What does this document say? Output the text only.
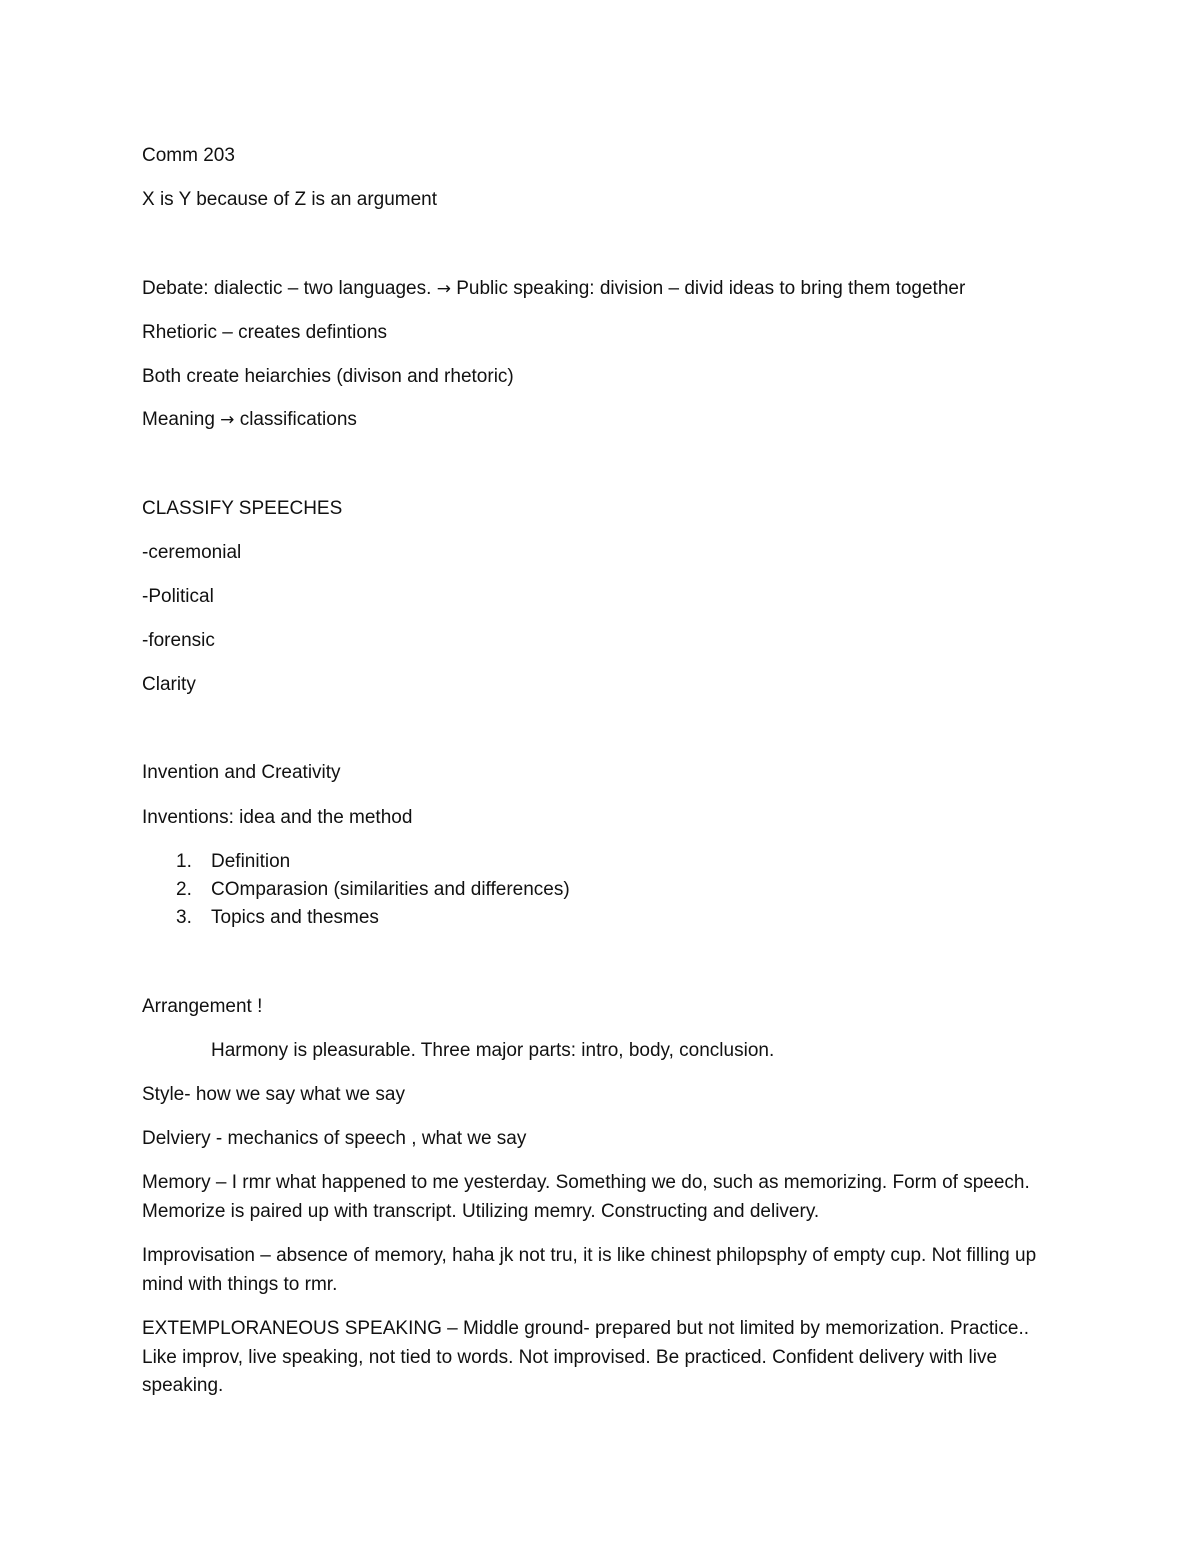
Comm 203
X is Y because of Z is an argument
Debate: dialectic – two languages. → Public speaking: division – divid ideas to bring them together
Rhetioric – creates defintions
Both create heiarchies (divison and rhetoric)
Meaning → classifications
CLASSIFY SPEECHES
-ceremonial
-Political
-forensic
Clarity
Invention and Creativity
Inventions: idea and the method
1. Definition
2. COmparasion (similarities and differences)
3. Topics and thesmes
Arrangement !
Harmony is pleasurable. Three major parts: intro, body, conclusion.
Style- how we say what we say
Delviery - mechanics of speech , what we say
Memory – I rmr what happened to me yesterday. Something we do, such as memorizing. Form of speech. Memorize is paired up with transcript. Utilizing memry. Constructing and delivery.
Improvisation – absence of memory, haha jk not tru, it is like chinest philopsphy of empty cup. Not filling up mind with things to rmr.
EXTEMPLORANEOUS SPEAKING – Middle ground- prepared but not limited by memorization. Practice.. Like improv, live speaking, not tied to words. Not improvised. Be practiced. Confident delivery with live speaking.
